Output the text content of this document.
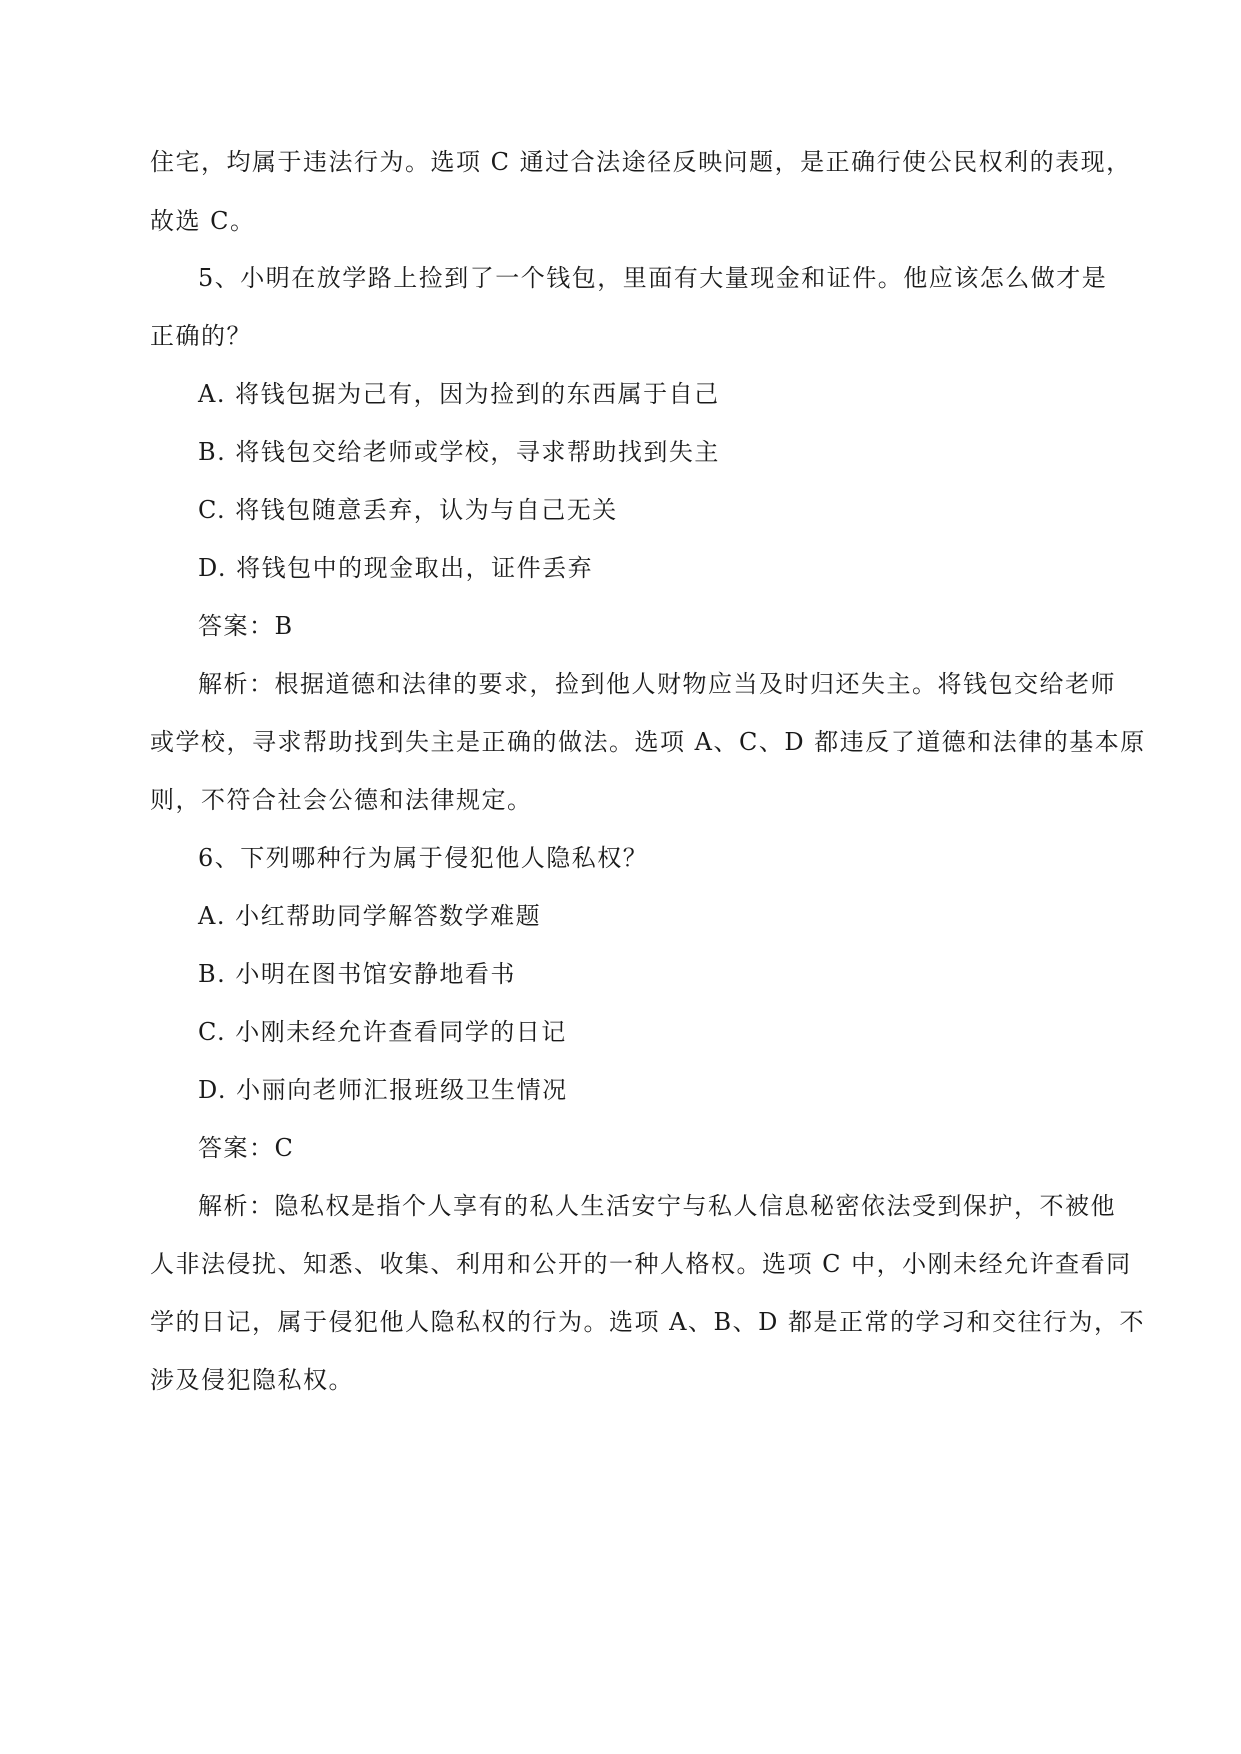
住宅，均属于违法行为。选项 C 通过合法途径反映问题，是正确行使公民权利的表现，
故选 C。
5、小明在放学路上捡到了一个钱包，里面有大量现金和证件。他应该怎么做才是
正确的？
A. 将钱包据为己有，因为捡到的东西属于自己
B. 将钱包交给老师或学校，寻求帮助找到失主
C. 将钱包随意丢弃，认为与自己无关
D. 将钱包中的现金取出，证件丢弃
答案：B
解析：根据道德和法律的要求，捡到他人财物应当及时归还失主。将钱包交给老师
或学校，寻求帮助找到失主是正确的做法。选项 A、C、D 都违反了道德和法律的基本原
则，不符合社会公德和法律规定。
6、下列哪种行为属于侵犯他人隐私权？
A. 小红帮助同学解答数学难题
B. 小明在图书馆安静地看书
C. 小刚未经允许查看同学的日记
D. 小丽向老师汇报班级卫生情况
答案：C
解析：隐私权是指个人享有的私人生活安宁与私人信息秘密依法受到保护，不被他
人非法侵扰、知悉、收集、利用和公开的一种人格权。选项 C 中，小刚未经允许查看同
学的日记，属于侵犯他人隐私权的行为。选项 A、B、D 都是正常的学习和交往行为，不
涉及侵犯隐私权。
